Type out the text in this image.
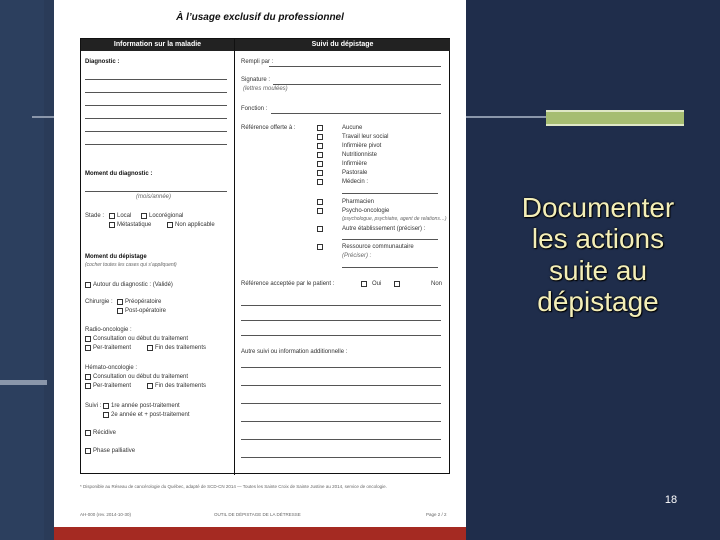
À l’usage exclusif du professionnel
Information sur la maladie	Suivi du dépistage
Diagnostic :
Moment du diagnostic :
(mois/année)
Stade : Local	Locorégional
Métastatique	Non applicable
Moment du dépistage
(cocher toutes les cases qui s’appliquent)
Autour du diagnostic : (Validé)
Chirurgie : Préopératoire
Post-opératoire
Radio-oncologie :
Consultation ou début du traitement
Per-traitement	Fin des traitements
Hémato-oncologie :
Consultation ou début du traitement
Per-traitement	Fin des traitements
Suivi : 1re année post-traitement
2e année et + post-traitement
Récidive
Phase palliative
Rempli par :
Signature :
(lettres moulées)
Fonction :
Référence offerte à :	Aucune
Travail leur social
Infirmière pivot
Nutritionniste
Infirmière
Pastorale
Médecin :
Pharmacien
Psycho-oncologie
(psychologue, psychiatre, agent de relations…)
Autre établissement (préciser) :
Ressource communautaire
(Préciser) :
Référence acceptée par le patient :	Oui	Non
Autre suivi ou information additionnelle :
* Disponible au Réseau de cancérologie du Québec, adapté de SCD-CN 2014 — Toutes les Sainte Croix de Sainte Justine au 2014, service de oncologie.
AH-000 (rev. 2014-10-30)	OUTIL DE DÉPISTAGE DE LA DÉTRESSE	Page 2 / 2
Documenter
les actions
suite au
dépistage
18
